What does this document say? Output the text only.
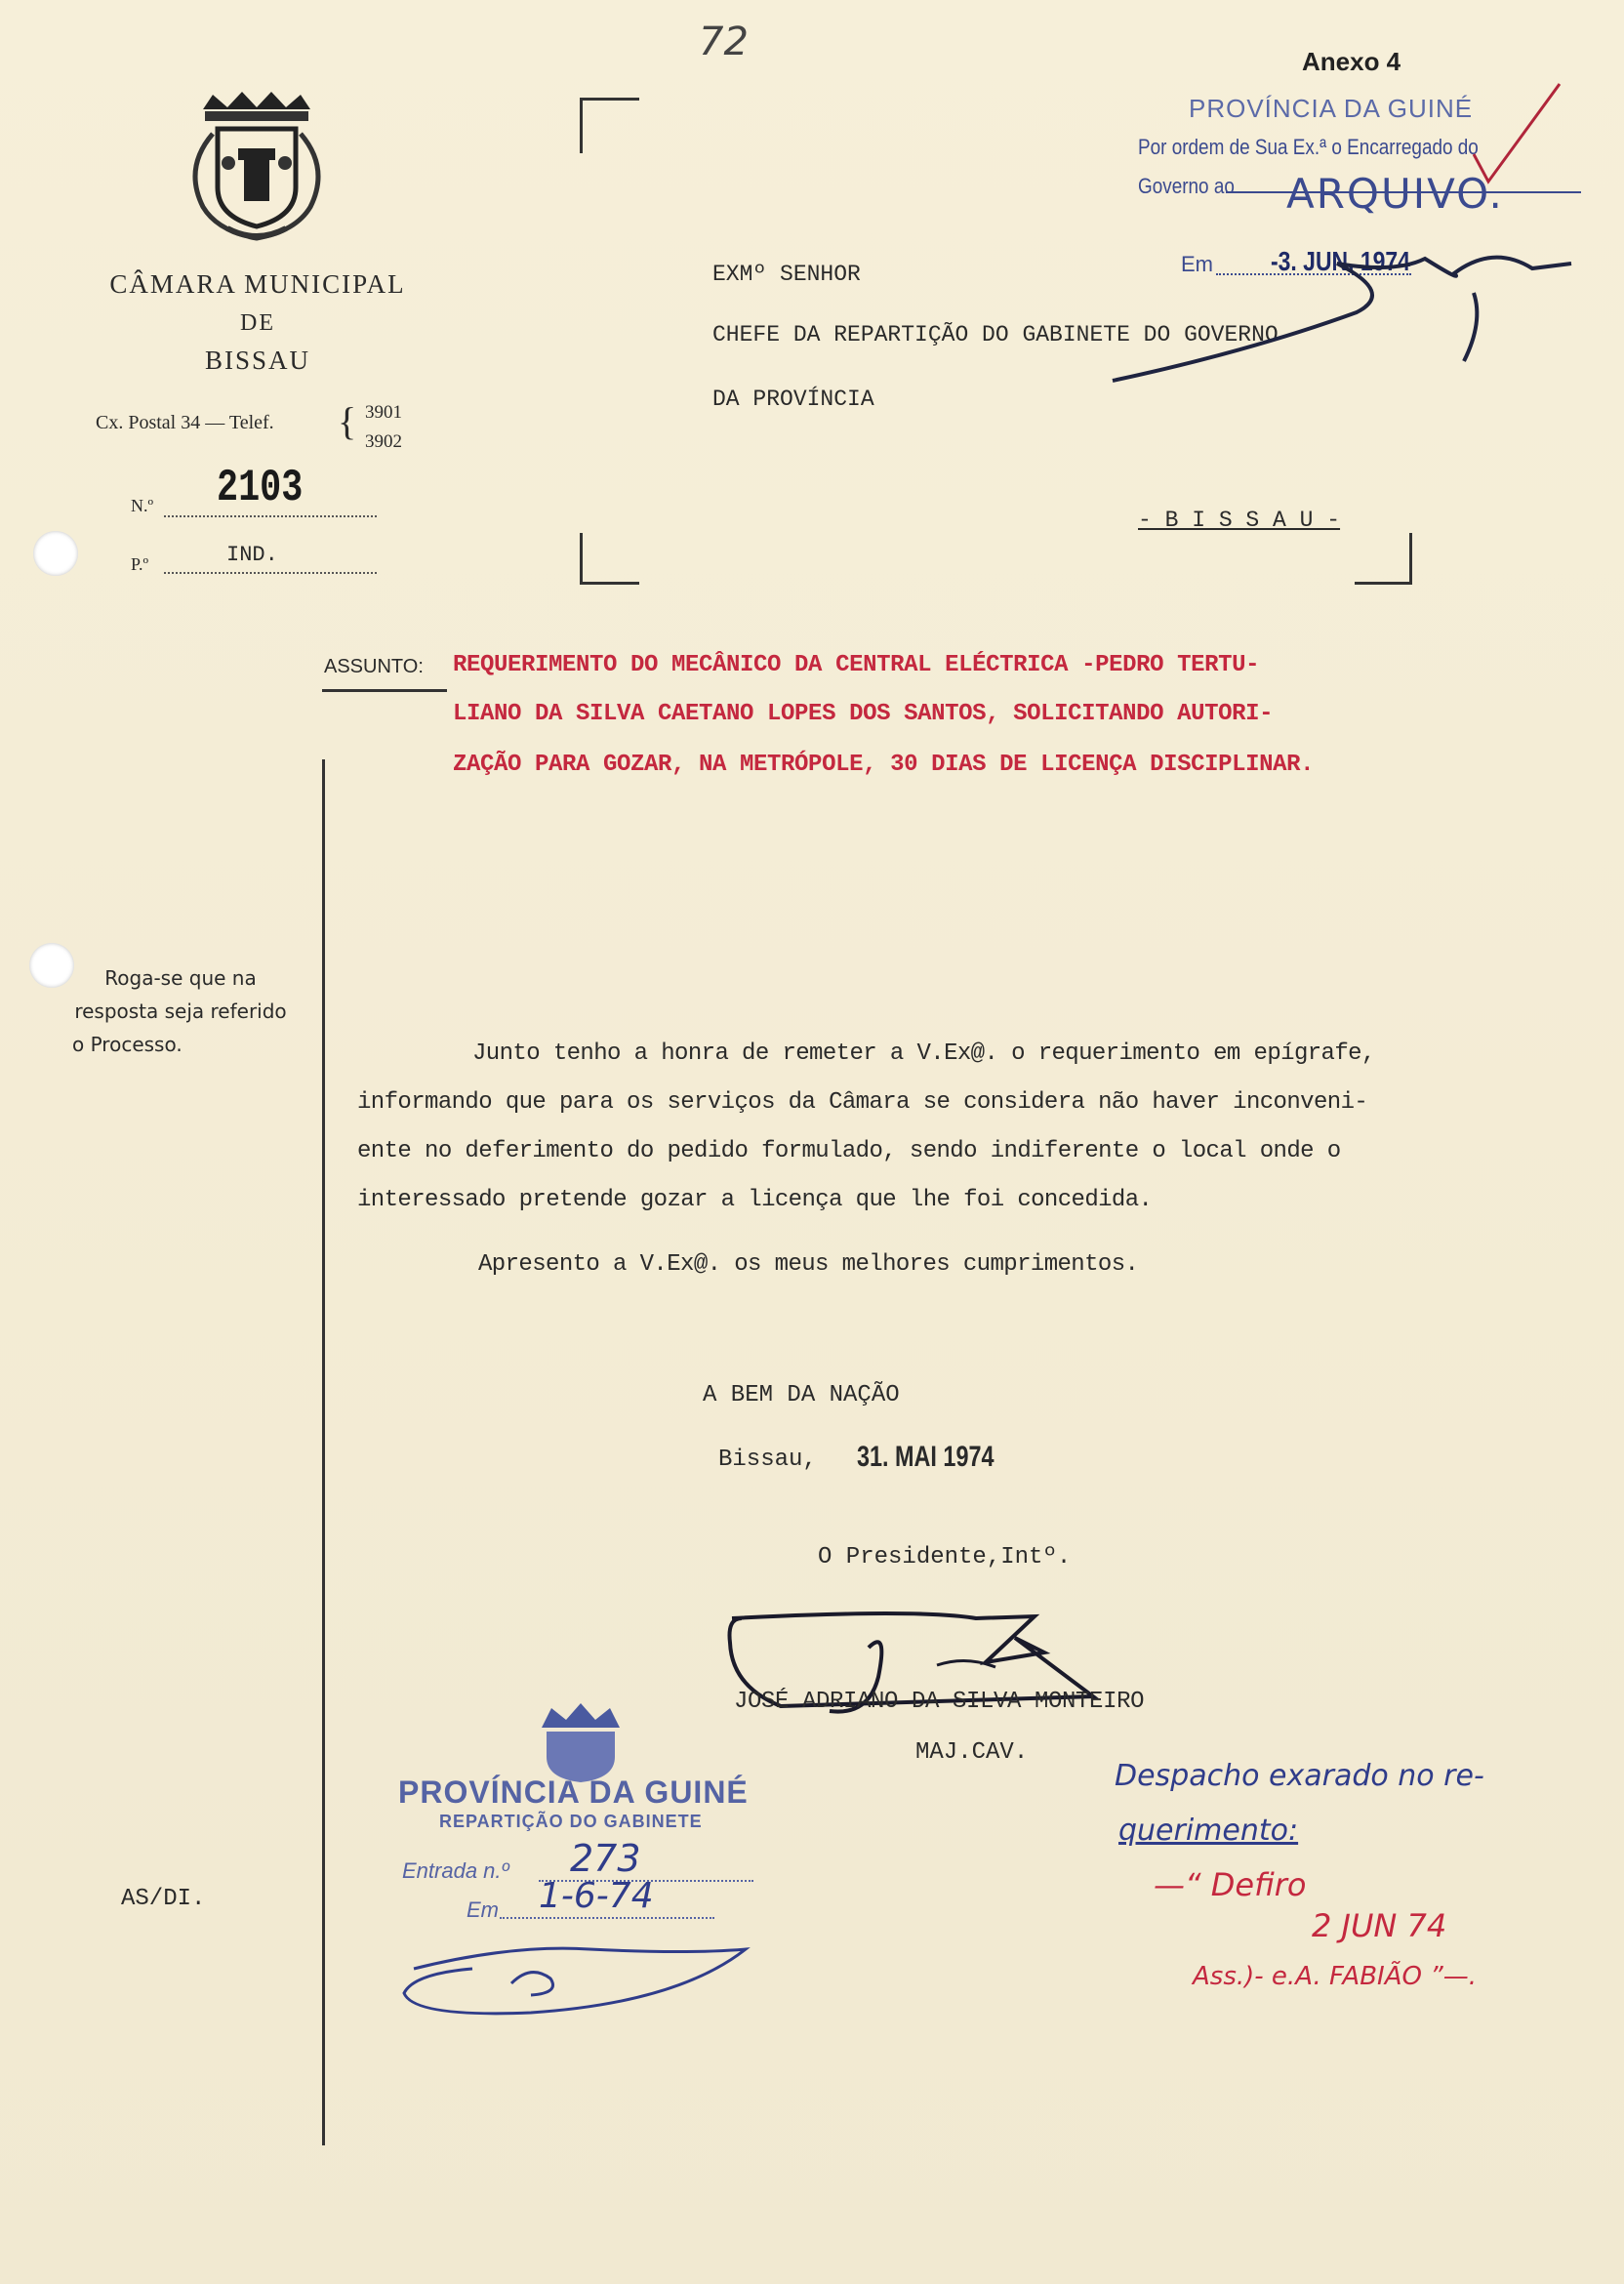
72	Anexo 4
CÂMARA MUNICIPAL
DE
BISSAU
Cx. Postal 34 — Telef. { 3901
3902
N.º 2103
P.º	IND.
EXMº SENHOR
CHEFE DA REPARTIÇÃO DO GABINETE DO GOVERNO
DA PROVÍNCIA
- B I S S A U -
PROVÍNCIA DA GUINÉ
Por ordem de Sua Ex.ª o Encarregado do
Governo ao ARQUIVO.
Em -3. JUN. 1974
ASSUNTO: REQUERIMENTO DO MECÂNICO DA CENTRAL ELÉCTRICA -PEDRO TERTU-
LIANO DA SILVA CAETANO LOPES DOS SANTOS, SOLICITANDO AUTORI-
ZAÇÃO PARA GOZAR, NA METRÓPOLE, 30 DIAS DE LICENÇA DISCIPLINAR.
Roga-se que na
resposta seja referido
o Processo.	Junto tenho a honra de remeter a V.Ex@. o requerimento em epígrafe,
informando que para os serviços da Câmara se considera não haver inconveni-
ente no deferimento do pedido formulado, sendo indiferente o local onde o
interessado pretende gozar a licença que lhe foi concedida.
Apresento a V.Ex@. os meus melhores cumprimentos.
A BEM DA NAÇÃO
Bissau, 31. MAI 1974
O Presidente,Intº.
JOSÉ ADRIANO DA SILVA MONTEIRO
MAJ.CAV.
AS/DI.
PROVÍNCIA DA GUINÉ
REPARTIÇÃO DO GABINETE
Entrada n.º 273
Em 1-6-74
Despacho exarado no re-
querimento:
—“ Defiro
2 JUN 74
Ass.)- e.A. FABIÃO ”—.
